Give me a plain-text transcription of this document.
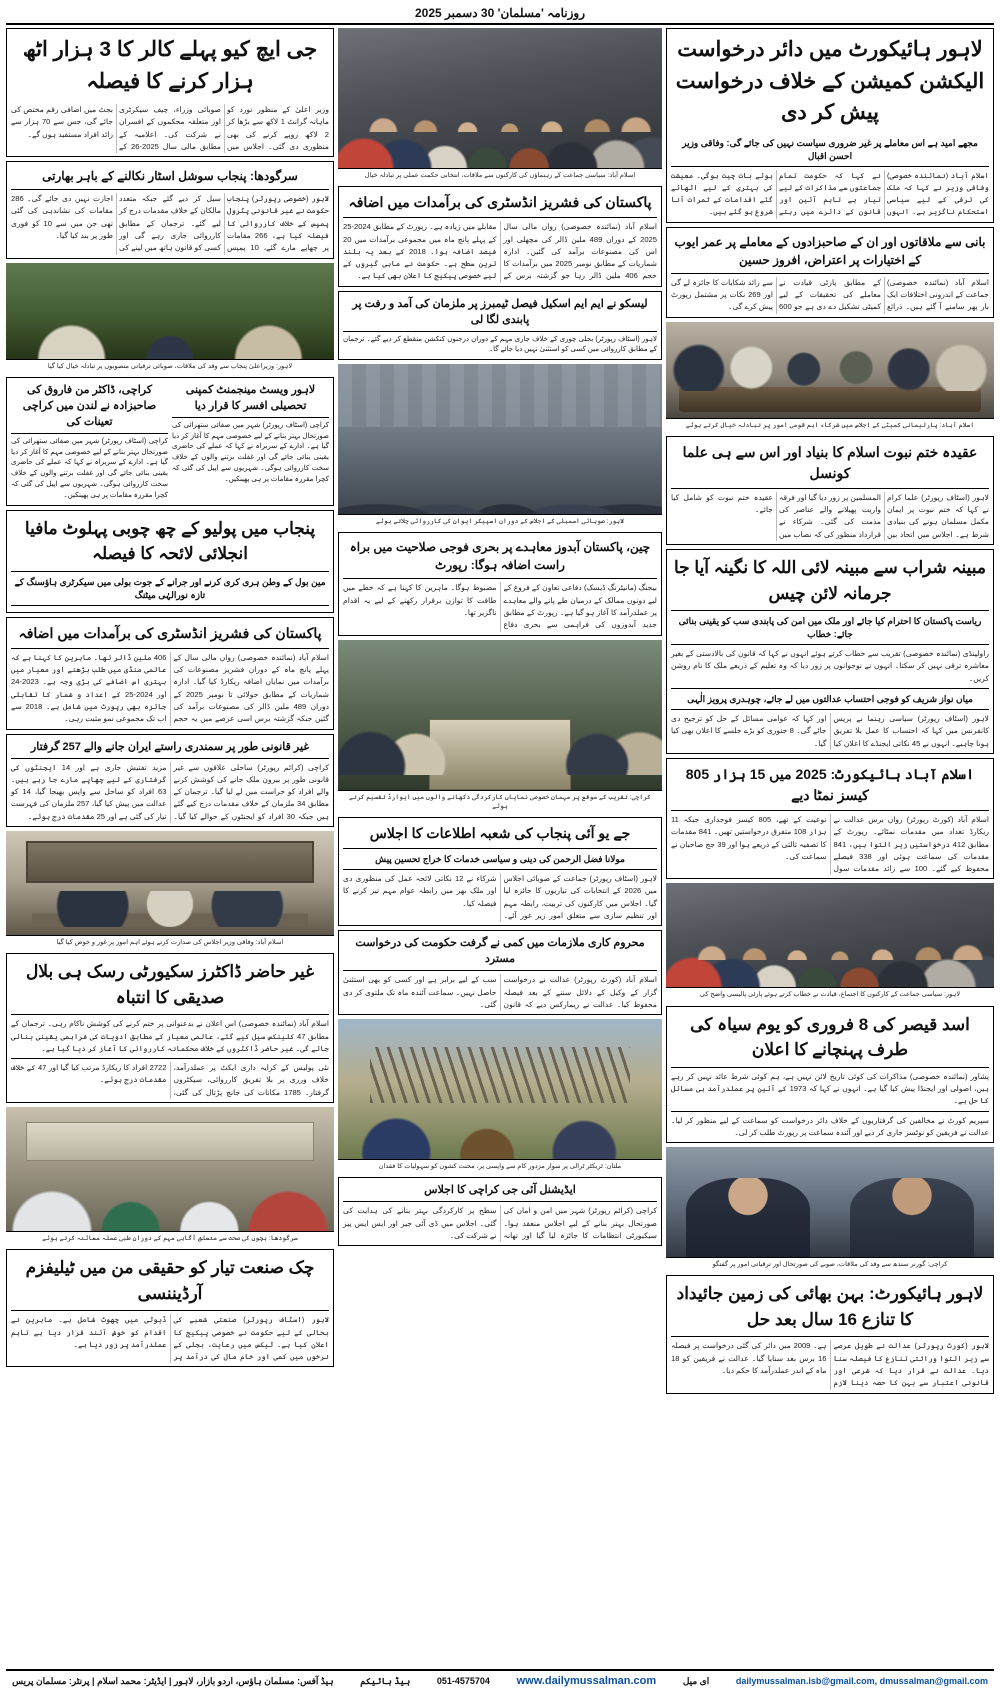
روزنامہ 'مسلمان' 30 دسمبر 2025
لاہور ہائیکورٹ میں دائر درخواست الیکشن کمیشن کے خلاف درخواست پیش کر دی
مجھے امید ہے اس معاملے پر غیر ضروری سیاست نہیں کی جائے گی: وفاقی وزیر احسن اقبال
اسلام آباد (نمائندہ خصوصی) وفاقی وزیر نے کہا کہ ملک کی ترقی کے لیے سیاسی استحکام ناگزیر ہے۔ انہوں نے کہا کہ حکومت تمام جماعتوں سے مذاکرات کے لیے تیار ہے تاہم آئین اور قانون کے دائرے میں رہتے ہوئے بات چیت ہوگی۔ معیشت کی بہتری کے لیے اٹھائے گئے اقدامات کے ثمرات آنا شروع ہو گئے ہیں۔
بانی سے ملاقاتوں اور ان کے صاحبزادوں کے معاملے پر عمر ایوب کے اختیارات پر اعتراض، افروز حسین
اسلام آباد (نمائندہ خصوصی) جماعت کے اندرونی اختلافات ایک بار پھر سامنے آ گئے ہیں۔ ذرائع کے مطابق پارٹی قیادت نے معاملے کی تحقیقات کے لیے کمیٹی تشکیل دے دی ہے جو 600 سے زائد شکایات کا جائزہ لے گی اور 269 نکات پر مشتمل رپورٹ پیش کرے گی۔
اسلام آباد: پارلیمانی کمیٹی کے اجلاس میں شرکاء اہم قومی امور پر تبادلہ خیال کرتے ہوئے
عقیدہ ختم نبوت اسلام کا بنیاد اور اس سے ہی علما کونسل
لاہور (اسٹاف رپورٹر) علما کرام نے کہا کہ ختم نبوت پر ایمان مکمل مسلمان ہونے کی بنیادی شرط ہے۔ اجلاس میں اتحاد بین المسلمین پر زور دیا گیا اور فرقہ واریت پھیلانے والے عناصر کی مذمت کی گئی۔ شرکاء نے قرارداد منظور کی کہ نصاب میں عقیدہ ختم نبوت کو شامل کیا جائے۔
مبینہ شراب سے مبینہ لائی اللہ کا نگینہ آیا جا جرمانہ لائن چیس
ریاست پاکستان کا احترام کیا جائے اور ملک میں امن کی پابندی سب کو یقینی بنائی جائے: خطاب
راولپنڈی (نمائندہ خصوصی) تقریب سے خطاب کرتے ہوئے انہوں نے کہا کہ قانون کی بالادستی کے بغیر معاشرہ ترقی نہیں کر سکتا۔ انہوں نے نوجوانوں پر زور دیا کہ وہ تعلیم کے ذریعے ملک کا نام روشن کریں۔
میاں نواز شریف کو فوجی احتساب عدالتوں میں لے جائے، چوہدری پرویز الٰہی
لاہور (اسٹاف رپورٹر) سیاسی رہنما نے پریس کانفرنس میں کہا کہ احتساب کا عمل بلا تفریق ہونا چاہیے۔ انہوں نے 45 نکاتی ایجنڈے کا اعلان کیا اور کہا کہ عوامی مسائل کے حل کو ترجیح دی جائے گی۔ 8 جنوری کو بڑے جلسے کا اعلان بھی کیا گیا۔
اسلام آباد ہائیکورٹ: 2025 میں 15 ہزار 805 کیسز نمٹا دیے
اسلام آباد (کورٹ رپورٹر) رواں برس عدالت نے ریکارڈ تعداد میں مقدمات نمٹائے۔ رپورٹ کے مطابق 412 درخواستیں زیر التوا ہیں، 841 مقدمات کی سماعت ہوئی اور 338 فیصلے محفوظ کیے گئے۔ 100 سے زائد مقدمات سول نوعیت کے تھے، 805 کیسز فوجداری جبکہ 11 ہزار 108 متفرق درخواستیں تھیں۔ 841 مقدمات کا تصفیہ ثالثی کے ذریعے ہوا اور 39 جج صاحبان نے سماعت کی۔
لاہور: سیاسی جماعت کے کارکنوں کا اجتماع، قیادت نے خطاب کرتے ہوئے پارٹی پالیسی واضح کی
اسد قیصر کی 8 فروری کو یوم سیاہ کی طرف پہنچانے کا اعلان
پشاور (نمائندہ خصوصی) مذاکرات کی کوئی تاریخ لائن نہیں ہے، ہم کوئی شرط عائد نہیں کر رہے ہیں، اصولی اور ایجنڈا پیش کیا گیا ہے۔ انہوں نے کہا کہ 1973 کے آئین پر عملدرآمد ہی مسائل کا حل ہے۔
سپریم کورٹ نے مخالفین کی گرفتاریوں کے خلاف دائر درخواست کو سماعت کے لیے منظور کر لیا۔ عدالت نے فریقین کو نوٹسز جاری کر دیے اور آئندہ سماعت پر رپورٹ طلب کر لی۔
کراچی: گورنر سندھ سے وفد کی ملاقات، صوبے کی صورتحال اور ترقیاتی امور پر گفتگو
لاہور ہائیکورٹ: بہن بھائی کی زمین جائیداد کا تنازع 16 سال بعد حل
لاہور (کورٹ رپورٹر) عدالت نے طویل عرصے سے زیر التوا وراثتی تنازع کا فیصلہ سنا دیا۔ عدالت نے قرار دیا کہ شرعی اور قانونی اعتبار سے بہن کا حصہ دینا لازم ہے۔ 2009 میں دائر کی گئی درخواست پر فیصلہ 16 برس بعد سنایا گیا۔ عدالت نے فریقین کو 18 ماہ کے اندر عملدرآمد کا حکم دیا۔
اسلام آباد: سیاسی جماعت کے رہنماؤں کی کارکنوں سے ملاقات، انتخابی حکمت عملی پر تبادلہ خیال
پاکستان کی فشریز انڈسٹری کی برآمدات میں اضافہ
اسلام آباد (نمائندہ خصوصی) رواں مالی سال 2025 کے دوران 489 ملین ڈالر کی مچھلی اور اس کی مصنوعات برآمد کی گئیں۔ ادارہ شماریات کے مطابق نومبر 2025 میں برآمدات کا حجم 406 ملین ڈالر رہا جو گزشتہ برس کے مقابلے میں زیادہ ہے۔ رپورٹ کے مطابق 2024-25 کے پہلے پانچ ماہ میں مجموعی برآمدات میں 20 فیصد اضافہ ہوا۔ 2018 کے بعد یہ بلند ترین سطح ہے۔ حکومت نے ماہی گیروں کے لیے خصوصی پیکیج کا اعلان بھی کیا ہے۔
لیسکو نے ایم ایم اسکیل فیصل ٹیمبرز پر ملزمان کی آمد و رفت پر پابندی لگا لی
لاہور (اسٹاف رپورٹر) بجلی چوری کے خلاف جاری مہم کے دوران درجنوں کنکشن منقطع کر دیے گئے۔ ترجمان کے مطابق کارروائی میں کسی کو استثنیٰ نہیں دیا جائے گا۔
لاہور: صوبائی اسمبلی کے اجلاس کے دوران اسپیکر ایوان کی کارروائی چلاتے ہوئے
چین، پاکستان آبدوز معاہدے پر بحری فوجی صلاحیت میں براہ راست اضافہ ہوگا: رپورٹ
بیجنگ (مانیٹرنگ ڈیسک) دفاعی تعاون کے فروغ کے لیے دونوں ممالک کے درمیان طے پانے والے معاہدے پر عملدرآمد کا آغاز ہو گیا ہے۔ رپورٹ کے مطابق جدید آبدوزوں کی فراہمی سے بحری دفاع مضبوط ہوگا۔ ماہرین کا کہنا ہے کہ خطے میں طاقت کا توازن برقرار رکھنے کے لیے یہ اقدام ناگزیر تھا۔
کراچی: تقریب کے موقع پر مہمان خصوصی نمایاں کارکردگی دکھانے والوں میں ایوارڈ تقسیم کرتے ہوئے
جے یو آئی پنجاب کی شعبہ اطلاعات کا اجلاس
مولانا فضل الرحمن کی دینی و سیاسی خدمات کا خراج تحسین پیش
لاہور (اسٹاف رپورٹر) جماعت کے صوبائی اجلاس میں 2026 کے انتخابات کی تیاریوں کا جائزہ لیا گیا۔ اجلاس میں کارکنوں کی تربیت، رابطہ مہم اور تنظیم سازی سے متعلق امور زیر غور آئے۔ شرکاء نے 12 نکاتی لائحہ عمل کی منظوری دی اور ملک بھر میں رابطہ عوام مہم تیز کرنے کا فیصلہ کیا۔
محروم کاری ملازمات میں کمی نے گرفت حکومت کی درخواست مسترد
اسلام آباد (کورٹ رپورٹر) عدالت نے درخواست گزار کے وکیل کے دلائل سننے کے بعد فیصلہ محفوظ کیا۔ عدالت نے ریمارکس دیے کہ قانون سب کے لیے برابر ہے اور کسی کو بھی استثنیٰ حاصل نہیں۔ سماعت آئندہ ماہ تک ملتوی کر دی گئی۔
ملتان: ٹریکٹر ٹرالی پر سوار مزدور کام سے واپسی پر، محنت کشوں کو سہولیات کا فقدان
ایڈیشنل آئی جی کراچی کا اجلاس
کراچی (کرائم رپورٹر) شہر میں امن و امان کی صورتحال بہتر بنانے کے لیے اجلاس منعقد ہوا۔ سیکیورٹی انتظامات کا جائزہ لیا گیا اور تھانہ سطح پر کارکردگی بہتر بنانے کی ہدایت کی گئی۔ اجلاس میں ڈی آئی جیز اور ایس ایس پیز نے شرکت کی۔
جی ایچ کیو پہلے کالر کا 3 ہزار اٹھ ہزار کرنے کا فیصلہ
وزیر اعلیٰ کے منظور نورد کو ماہانہ گرانٹ 1 لاکھ سے بڑھا کر 2 لاکھ روپے کرنے کی بھی منظوری دی گئی۔ اجلاس میں صوبائی وزراء، چیف سیکرٹری اور متعلقہ محکموں کے افسران نے شرکت کی۔ اعلامیہ کے مطابق مالی سال 2025-26 کے بجٹ میں اضافی رقم مختص کی جائے گی، جس سے 70 ہزار سے زائد افراد مستفید ہوں گے۔
سرگودھا: پنجاب سوشل اسٹار نکالنے کے باہر بھارتی
لاہور (خصوصی رپورٹر) پنجاب حکومت نے غیر قانونی پٹرول پمپس کے خلاف کارروائی کا فیصلہ کیا ہے، 266 مقامات پر چھاپے مارے گئے، 10 پمپس سیل کر دیے گئے جبکہ متعدد مالکان کے خلاف مقدمات درج کر لیے گئے۔ ترجمان کے مطابق کارروائی جاری رہے گی اور کسی کو قانون ہاتھ میں لینے کی اجازت نہیں دی جائے گی۔ 286 مقامات کی نشاندہی کی گئی تھی جن میں سے 10 کو فوری طور پر بند کیا گیا۔
لاہور: وزیراعلیٰ پنجاب سے وفد کی ملاقات، صوبائی ترقیاتی منصوبوں پر تبادلہ خیال کیا گیا
لاہور ویسٹ مینجمنٹ کمپنی تحصیلی افسر کا قرار دیا
کراچی (اسٹاف رپورٹر) شہر میں صفائی ستھرائی کی صورتحال بہتر بنانے کے لیے خصوصی مہم کا آغاز کر دیا گیا ہے۔ ادارے کے سربراہ نے کہا کہ عملے کی حاضری یقینی بنائی جائے گی اور غفلت برتنے والوں کے خلاف سخت کارروائی ہوگی۔ شہریوں سے اپیل کی گئی کہ کچرا مقررہ مقامات پر ہی پھینکیں۔
کراچی، ڈاکٹر من فاروق کی صاحبزادہ نے لندن میں کراچی تعینات کی
کراچی (اسٹاف رپورٹر) شہر میں صفائی ستھرائی کی صورتحال بہتر بنانے کے لیے خصوصی مہم کا آغاز کر دیا گیا ہے۔ ادارے کے سربراہ نے کہا کہ عملے کی حاضری یقینی بنائی جائے گی اور غفلت برتنے والوں کے خلاف سخت کارروائی ہوگی۔ شہریوں سے اپیل کی گئی کہ کچرا مقررہ مقامات پر ہی پھینکیں۔
پنجاب میں پولیو کے چھ چوبی پہلوٹ مافیا انجلائی لائحہ کا فیصلہ
مین بول کے وطن ہری کری کرنے اور جرانے کے جوت بولی میں سیکرٹری ہاؤسنگ کے تازہ نورالہٰی میٹنگ
پاکستان کی فشریز انڈسٹری کی برآمدات میں اضافہ
اسلام آباد (نمائندہ خصوصی) رواں مالی سال کے پہلے پانچ ماہ کے دوران فشریز مصنوعات کی برآمدات میں نمایاں اضافہ ریکارڈ کیا گیا۔ ادارہ شماریات کے مطابق جولائی تا نومبر 2025 کے دوران 489 ملین ڈالر کی مصنوعات برآمد کی گئیں جبکہ گزشتہ برس اسی عرصے میں یہ حجم 406 ملین ڈالر تھا۔ ماہرین کا کہنا ہے کہ عالمی منڈی میں طلب بڑھنے اور معیار میں بہتری اس اضافے کی بڑی وجہ ہے۔ 2023-24 اور 2024-25 کے اعداد و شمار کا تقابلی جائزہ بھی رپورٹ میں شامل ہے۔ 2018 سے اب تک مجموعی نمو مثبت رہی۔
غیر قانونی طور پر سمندری راستے ایران جانے والے 257 گرفتار
کراچی (کرائم رپورٹر) ساحلی علاقوں سے غیر قانونی طور پر بیرون ملک جانے کی کوشش کرنے والے افراد کو حراست میں لے لیا گیا۔ ترجمان کے مطابق 34 ملزمان کے خلاف مقدمات درج کیے گئے ہیں جبکہ 30 افراد کو ایجنٹوں کے حوالے کیا گیا۔ مزید تفتیش جاری ہے اور 14 ایجنٹوں کی گرفتاری کے لیے چھاپے مارے جا رہے ہیں۔ 63 افراد کو ساحل سے واپس بھیجا گیا، 14 کو عدالت میں پیش کیا گیا، 257 ملزمان کی فہرست تیار کی گئی ہے اور 25 مقدمات درج ہوئے۔
اسلام آباد: وفاقی وزیر اجلاس کی صدارت کرتے ہوئے اہم امور پر غور و خوض کیا گیا
غیر حاضر ڈاکٹرز سکیورٹی رسک ہی بلال صدیقی کا انتباہ
اسلام آباد (نمائندہ خصوصی) اس اعلان نے بدعنوانی پر ختم کرنے کی کوشش ناکام رہی۔ ترجمان کے مطابق 47 کلینکس سیل کیے گئے، عالمی معیار کے مطابق ادویات کی فراہمی یقینی بنائی جائے گی۔ غیر حاضر ڈاکٹروں کے خلاف محکمانہ کارروائی کا آغاز کر دیا گیا ہے۔
نئی پولیس کے کرایہ داری ایکٹ پر عملدرآمد، خلاف ورزی پر بلا تفریق کارروائی، سیکٹروں گرفتار۔ 1785 مکانات کی جانچ پڑتال کی گئی، 2722 افراد کا ریکارڈ مرتب کیا گیا اور 47 کے خلاف مقدمات درج ہوئے۔
سرگودھا: بچوں کی صحت سے متعلق آگاہی مہم کے دوران طبی عملہ معائنہ کرتے ہوئے
چک صنعت تیار کو حقیقی من میں ٹیلیفزم آرڈیننسی
لاہور (اسٹاف رپورٹر) صنعتی شعبے کی بحالی کے لیے حکومت نے خصوصی پیکیج کا اعلان کیا ہے۔ ٹیکس میں رعایت، بجلی کے نرخوں میں کمی اور خام مال کی درآمد پر ڈیوٹی میں چھوٹ شامل ہے۔ ماہرین نے اقدام کو خوش آئند قرار دیا ہے تاہم عملدرآمد پر زور دیا ہے۔
dailymussalman.isb@gmail.com, dmussalman@gmail.com
ای میل
www.dailymussalman.com
051-4575704
ہیڈ ہائیکم
ہیڈ آفس: مسلمان ہاؤس، اردو بازار، لاہور | ایڈیٹر: محمد اسلام | پرنٹر: مسلمان پریس
